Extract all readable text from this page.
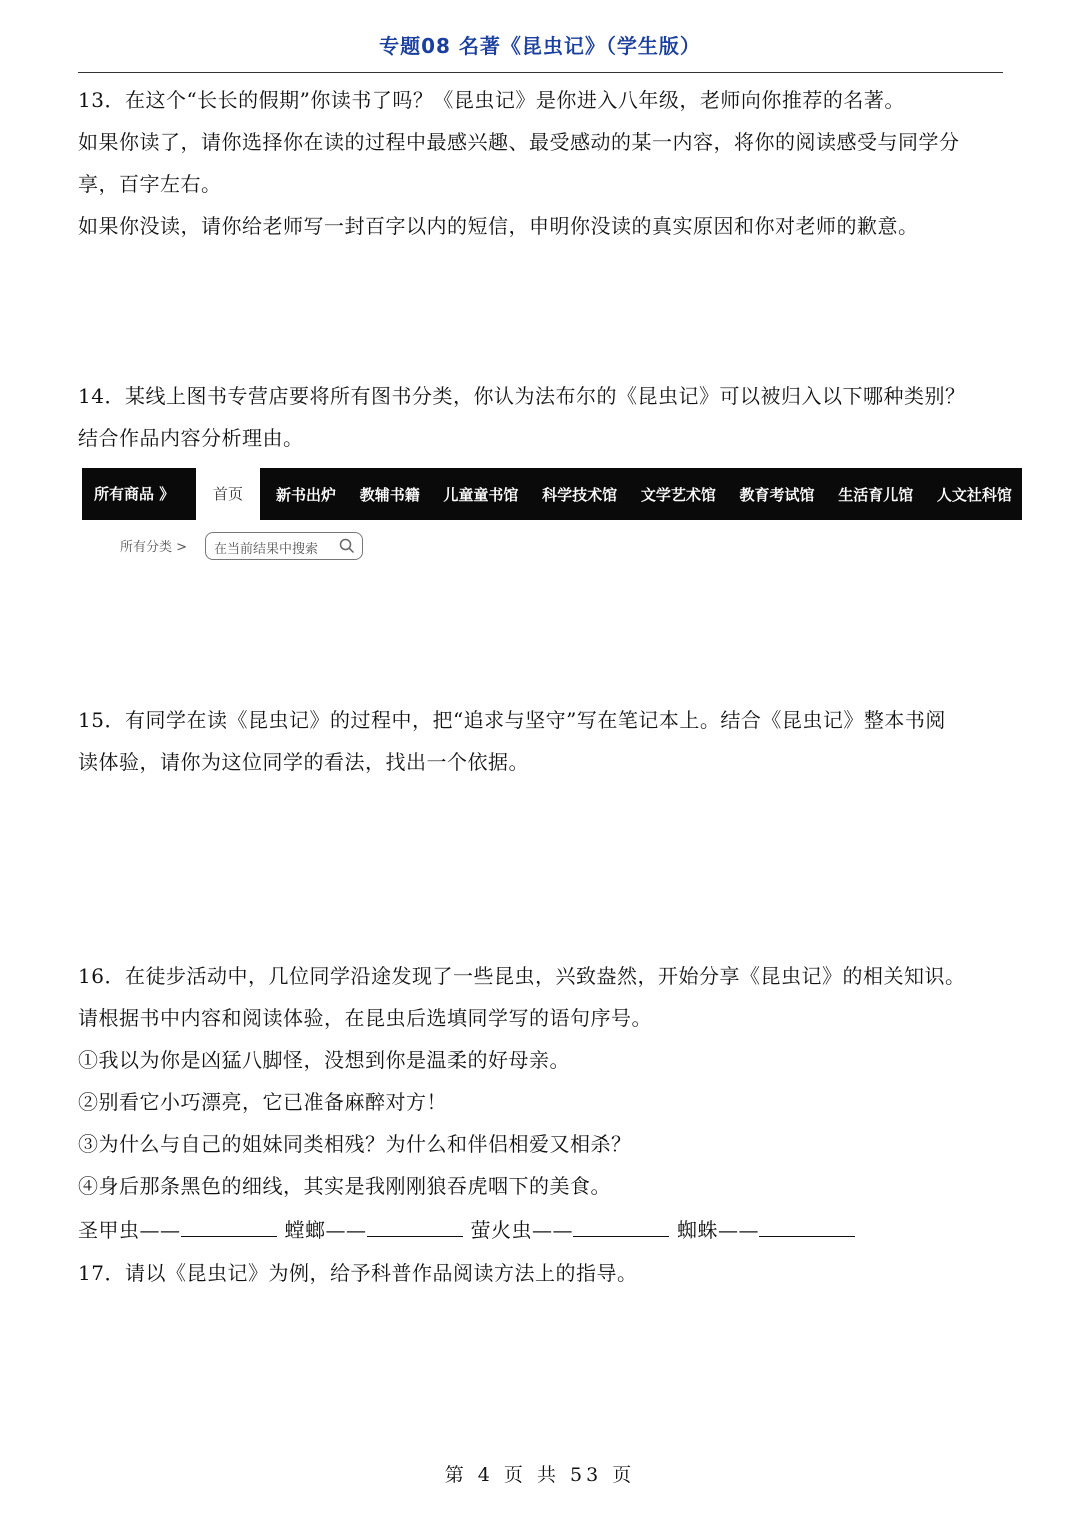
专题08 名著《昆虫记》（学生版）
13．在这个“长长的假期”你读书了吗？《昆虫记》是你进入八年级，老师向你推荐的名著。
如果你读了，请你选择你在读的过程中最感兴趣、最受感动的某一内容，将你的阅读感受与同学分
享，百字左右。
如果你没读，请你给老师写一封百字以内的短信，申明你没读的真实原因和你对老师的歉意。
14．某线上图书专营店要将所有图书分类，你认为法布尔的《昆虫记》可以被归入以下哪种类别？
结合作品内容分析理由。
所有商品 》	首页	新书出炉 教辅书籍 儿童童书馆 科学技术馆 文学艺术馆 教育考试馆 生活育儿馆 人文社科馆
所有分类 > 在当前结果中搜索
15．有同学在读《昆虫记》的过程中，把“追求与坚守”写在笔记本上。结合《昆虫记》整本书阅
读体验，请你为这位同学的看法，找出一个依据。
16．在徒步活动中，几位同学沿途发现了一些昆虫，兴致盎然，开始分享《昆虫记》的相关知识。
请根据书中内容和阅读体验，在昆虫后选填同学写的语句序号。
①我以为你是凶猛八脚怪，没想到你是温柔的好母亲。
②别看它小巧漂亮，它已准备麻醉对方！
③为什么与自己的姐妹同类相残？为什么和伴侣相爱又相杀？
④身后那条黑色的细线，其实是我刚刚狼吞虎咽下的美食。
圣甲虫——	螳螂——	萤火虫——	蜘蛛——
17．请以《昆虫记》为例，给予科普作品阅读方法上的指导。
第 4 页 共 53 页
